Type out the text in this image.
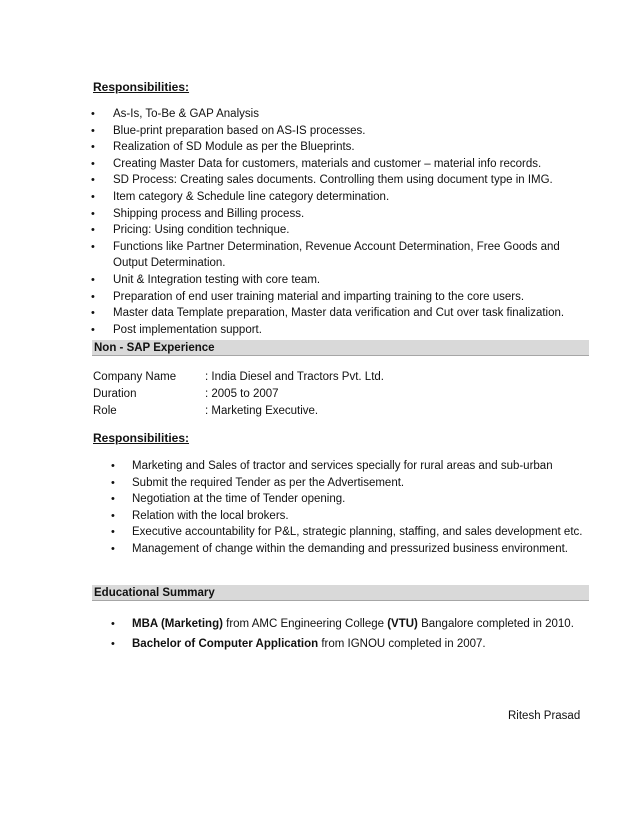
Responsibilities:
• As-Is, To-Be & GAP Analysis
• Blue-print preparation based on AS-IS processes.
• Realization of SD Module as per the Blueprints.
• Creating Master Data for customers, materials and customer – material info records.
• SD Process: Creating sales documents. Controlling them using document type in IMG.
• Item category & Schedule line category determination.
• Shipping process and Billing process.
• Pricing: Using condition technique.
• Functions like Partner Determination, Revenue Account Determination, Free Goods and
Output Determination.
• Unit & Integration testing with core team.
• Preparation of end user training material and imparting training to the core users.
• Master data Template preparation, Master data verification and Cut over task finalization.
• Post implementation support.
Non - SAP Experience
Company Name	: India Diesel and Tractors Pvt. Ltd.
Duration	: 2005 to 2007
Role	: Marketing Executive.
Responsibilities:
• Marketing and Sales of tractor and services specially for rural areas and sub-urban
• Submit the required Tender as per the Advertisement.
• Negotiation at the time of Tender opening.
• Relation with the local brokers.
• Executive accountability for P&L, strategic planning, staffing, and sales development etc.
• Management of change within the demanding and pressurized business environment.
Educational Summary
• MBA (Marketing) from AMC Engineering College (VTU) Bangalore completed in 2010.
• Bachelor of Computer Application from IGNOU completed in 2007.
Ritesh Prasad
